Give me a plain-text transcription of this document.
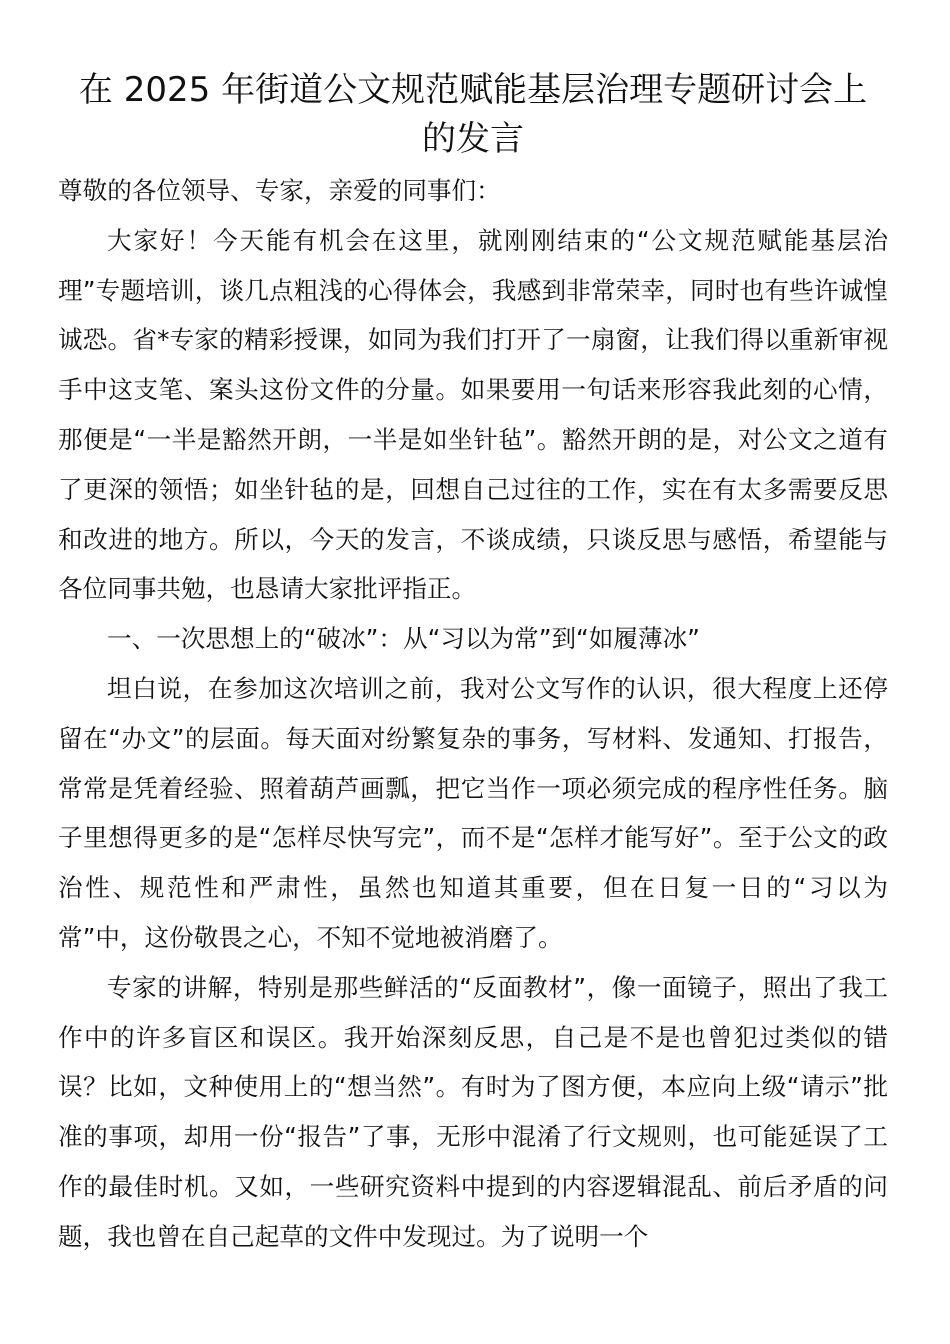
在 2025 年街道公文规范赋能基层治理专题研讨会上的发言

尊敬的各位领导、专家，亲爱的同事们：

大家好！今天能有机会在这里，就刚刚结束的“公文规范赋能基层治理”专题培训，谈几点粗浅的心得体会，我感到非常荣幸，同时也有些许诚惶诚恐。省*专家的精彩授课，如同为我们打开了一扇窗，让我们得以重新审视手中这支笔、案头这份文件的分量。如果要用一句话来形容我此刻的心情，那便是“一半是豁然开朗，一半是如坐针毡”。豁然开朗的是，对公文之道有了更深的领悟；如坐针毡的是，回想自己过往的工作，实在有太多需要反思和改进的地方。所以，今天的发言，不谈成绩，只谈反思与感悟，希望能与各位同事共勉，也恳请大家批评指正。

一、一次思想上的“破冰”：从“习以为常”到“如履薄冰”

坦白说，在参加这次培训之前，我对公文写作的认识，很大程度上还停留在“办文”的层面。每天面对纷繁复杂的事务，写材料、发通知、打报告，常常是凭着经验、照着葫芦画瓢，把它当作一项必须完成的程序性任务。脑子里想得更多的是“怎样尽快写完”，而不是“怎样才能写好”。至于公文的政治性、规范性和严肃性，虽然也知道其重要，但在日复一日的“习以为常”中，这份敬畏之心，不知不觉地被消磨了。

专家的讲解，特别是那些鲜活的“反面教材”，像一面镜子，照出了我工作中的许多盲区和误区。我开始深刻反思，自己是不是也曾犯过类似的错误？比如，文种使用上的“想当然”。有时为了图方便，本应向上级“请示”批准的事项，却用一份“报告”了事，无形中混淆了行文规则，也可能延误了工作的最佳时机。又如，一些研究资料中提到的内容逻辑混乱、前后矛盾的问题，我也曾在自己起草的文件中发现过。为了说明一个
